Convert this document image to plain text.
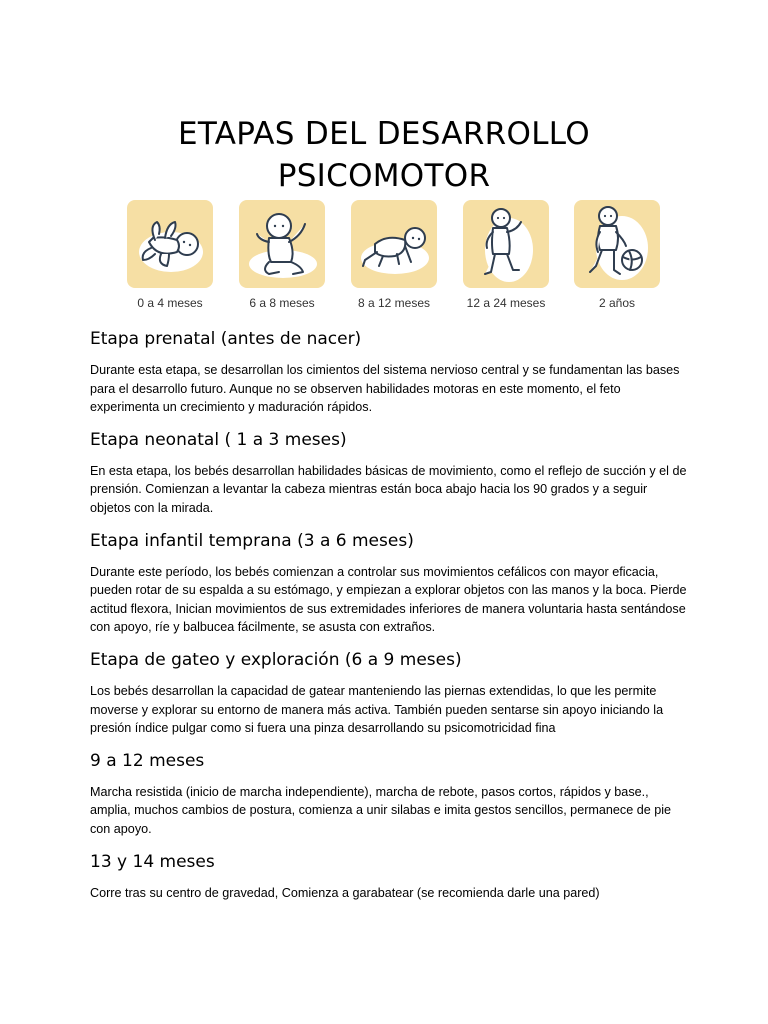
ETAPAS DEL DESARROLLO
PSICOMOTOR
0 a 4 meses	6 a 8 meses	8 a 12 meses	12 a 24 meses	2 años
Etapa prenatal (antes de nacer)

Durante esta etapa, se desarrollan los cimientos del sistema nervioso central y se fundamentan las bases para el desarrollo futuro. Aunque no se observen habilidades motoras en este momento, el feto experimenta un crecimiento y maduración rápidos.

Etapa neonatal ( 1 a 3 meses)

En esta etapa, los bebés desarrollan habilidades básicas de movimiento, como el reflejo de succión y el de prensión. Comienzan a levantar la cabeza mientras están boca abajo hacia los 90 grados y a seguir objetos con la mirada.

Etapa infantil temprana (3 a 6 meses)

Durante este período, los bebés comienzan a controlar sus movimientos cefálicos con mayor eficacia, pueden rotar de su espalda a su estómago, y empiezan a explorar objetos con las manos y la boca. Pierde actitud flexora, Inician movimientos de sus extremidades inferiores de manera voluntaria hasta sentándose con apoyo, ríe y balbucea fácilmente, se asusta con extraños.

Etapa de gateo y exploración (6 a 9 meses)

Los bebés desarrollan la capacidad de gatear manteniendo las piernas extendidas, lo que les permite moverse y explorar su entorno de manera más activa. También pueden sentarse sin apoyo iniciando la presión índice pulgar como si fuera una pinza desarrollando su psicomotricidad fina

9 a 12 meses

Marcha resistida (inicio de marcha independiente), marcha de rebote, pasos cortos, rápidos y base., amplia, muchos cambios de postura, comienza a unir silabas e imita gestos sencillos, permanece de pie con apoyo.

13 y 14 meses

Corre tras su centro de gravedad, Comienza a garabatear (se recomienda darle una pared)
